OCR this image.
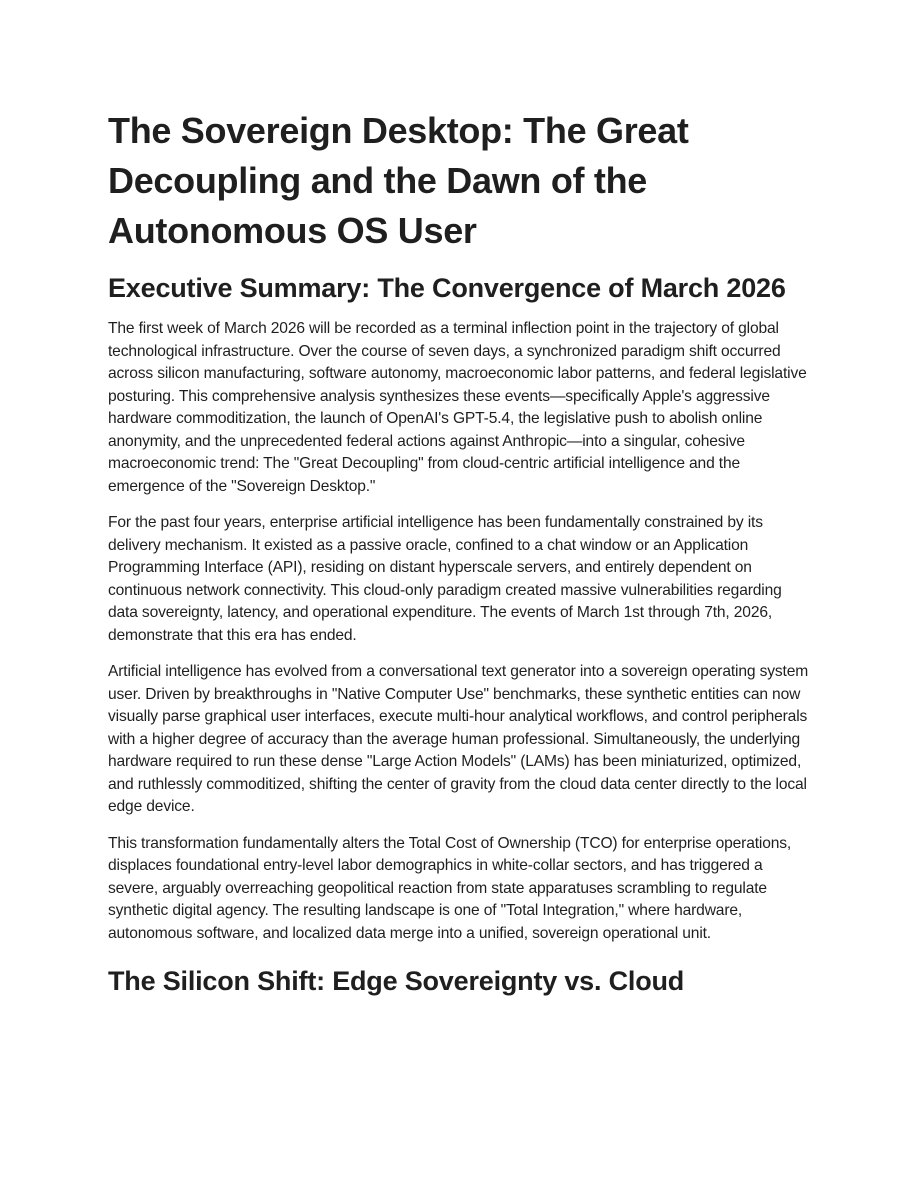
The Sovereign Desktop: The Great Decoupling and the Dawn of the Autonomous OS User
Executive Summary: The Convergence of March 2026

The first week of March 2026 will be recorded as a terminal inflection point in the trajectory of global technological infrastructure. Over the course of seven days, a synchronized paradigm shift occurred across silicon manufacturing, software autonomy, macroeconomic labor patterns, and federal legislative posturing. This comprehensive analysis synthesizes these events—specifically Apple's aggressive hardware commoditization, the launch of OpenAI's GPT-5.4, the legislative push to abolish online anonymity, and the unprecedented federal actions against Anthropic—into a singular, cohesive macroeconomic trend: The "Great Decoupling" from cloud-centric artificial intelligence and the emergence of the "Sovereign Desktop."

For the past four years, enterprise artificial intelligence has been fundamentally constrained by its delivery mechanism. It existed as a passive oracle, confined to a chat window or an Application Programming Interface (API), residing on distant hyperscale servers, and entirely dependent on continuous network connectivity. This cloud-only paradigm created massive vulnerabilities regarding data sovereignty, latency, and operational expenditure. The events of March 1st through 7th, 2026, demonstrate that this era has ended.

Artificial intelligence has evolved from a conversational text generator into a sovereign operating system user. Driven by breakthroughs in "Native Computer Use" benchmarks, these synthetic entities can now visually parse graphical user interfaces, execute multi-hour analytical workflows, and control peripherals with a higher degree of accuracy than the average human professional. Simultaneously, the underlying hardware required to run these dense "Large Action Models" (LAMs) has been miniaturized, optimized, and ruthlessly commoditized, shifting the center of gravity from the cloud data center directly to the local edge device.

This transformation fundamentally alters the Total Cost of Ownership (TCO) for enterprise operations, displaces foundational entry-level labor demographics in white-collar sectors, and has triggered a severe, arguably overreaching geopolitical reaction from state apparatuses scrambling to regulate synthetic digital agency. The resulting landscape is one of "Total Integration," where hardware, autonomous software, and localized data merge into a unified, sovereign operational unit.

The Silicon Shift: Edge Sovereignty vs. Cloud
